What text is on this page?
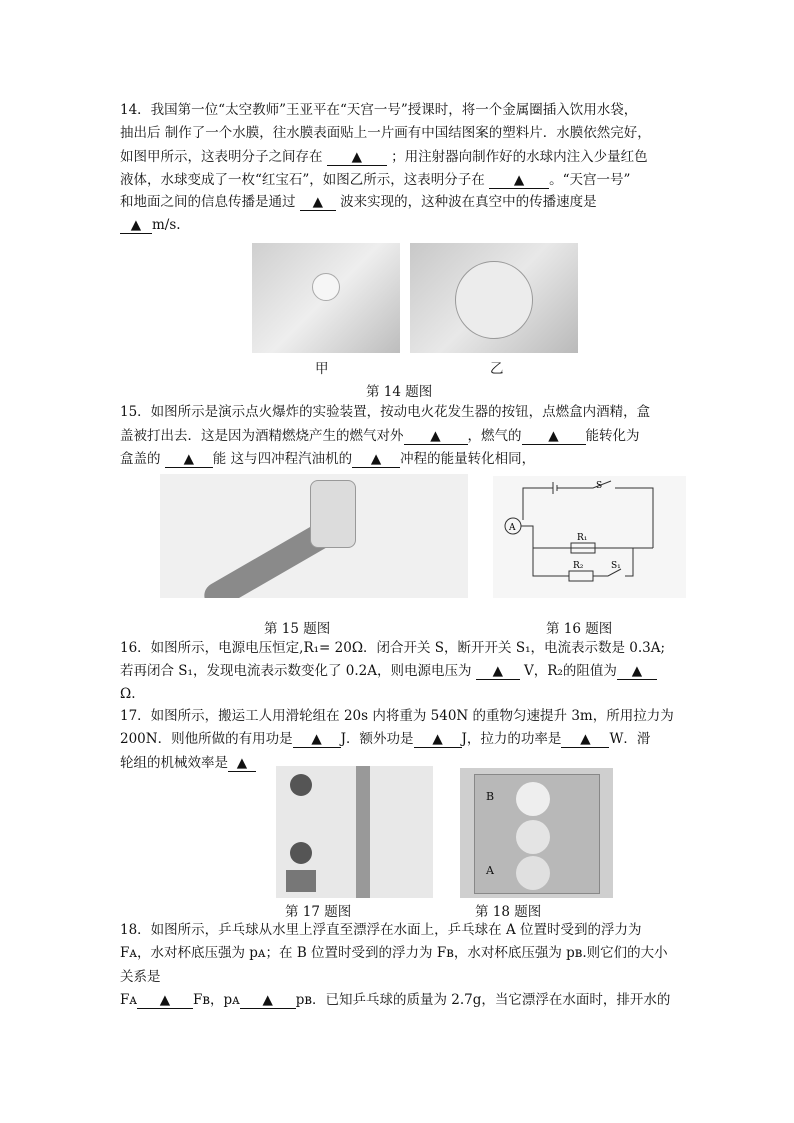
14．我国第一位“太空教师”王亚平在“天宫一号”授课时，将一个金属圈插入饮用水袋，
抽出后 制作了一个水膜，往水膜表面贴上一片画有中国结图案的塑料片．水膜依然完好，
如图甲所示，这表明分子之间存在 ▲ ；用注射器向制作好的水球内注入少量红色
液体，水球变成了一枚“红宝石”，如图乙所示，这表明分子在 ▲ 。“天宫一号”
和地面之间的信息传播是通过 ▲ 波来实现的，这种波在真空中的传播速度是
▲ m/s.
甲	乙
第 14 题图
15．如图所示是演示点火爆炸的实验装置，按动电火花发生器的按钮，点燃盒内酒精，盒
盖被打出去．这是因为酒精燃烧产生的燃气对外 ▲ ，燃气的 ▲ 能转化为
盒盖的 ▲ 能 这与四冲程汽油机的 ▲ 冲程的能量转化相同，
S
A
R₁
R₂	S₁
第 15 题图	第 16 题图
16．如图所示，电源电压恒定,R₁= 20Ω．闭合开关 S，断开开关 S₁，电流表示数是 0.3A;
若再闭合 S₁，发现电流表示数变化了 0.2A，则电源电压为 ▲ V，R₂的阻值为 ▲
Ω.
17．如图所示，搬运工人用滑轮组在 20s 内将重为 540N 的重物匀速提升 3m，所用拉力为
200N．则他所做的有用功是 ▲ J．额外功是 ▲ J，拉力的功率是 ▲ W．滑
轮组的机械效率是 ▲
B
A
第 17 题图	第 18 题图
18．如图所示，乒乓球从水里上浮直至漂浮在水面上，乒乓球在 A 位置时受到的浮力为
Fᴀ，水对杯底压强为 pᴀ；在 B 位置时受到的浮力为 Fʙ，水对杯底压强为 pʙ.则它们的大小
关系是
Fᴀ ▲ Fʙ，pᴀ ▲ pʙ．已知乒乓球的质量为 2.7g，当它漂浮在水面时，排开水的
